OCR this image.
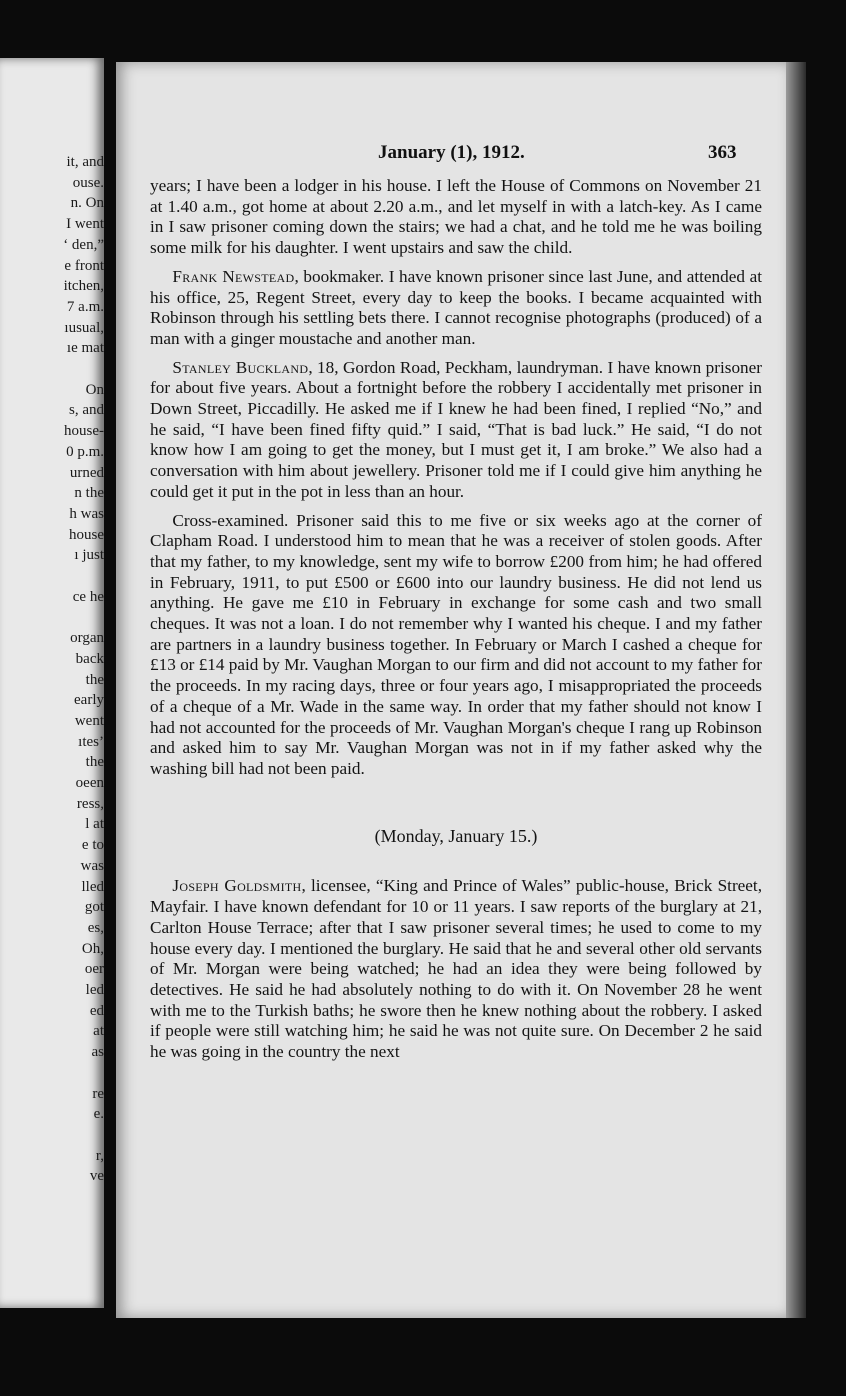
it, and
ouse.
n. On
I went
‘ den,”
e front
itchen,
7 a.m.
ıusual,
ıe mat
On
s, and
house-
0 p.m.
urned
n the
h was
house
ı just
ce he
organ
back
the
early
went
ıtes’
the
oeen
ress,
l at
e to
was
lled
got
es,
Oh,
oer
led
ed
at
as
re
e.
r,
ve
January (1), 1912.	363

years; I have been a lodger in his house. I left the House of Commons on November 21 at 1.40 a.m., got home at about 2.20 a.m., and let myself in with a latch-key. As I came in I saw prisoner coming down the stairs; we had a chat, and he told me he was boiling some milk for his daughter. I went upstairs and saw the child.

Frank Newstead, bookmaker. I have known prisoner since last June, and attended at his office, 25, Regent Street, every day to keep the books. I became acquainted with Robinson through his settling bets there. I cannot recognise photographs (produced) of a man with a ginger moustache and another man.

Stanley Buckland, 18, Gordon Road, Peckham, laundryman. I have known prisoner for about five years. About a fortnight before the robbery I accidentally met prisoner in Down Street, Piccadilly. He asked me if I knew he had been fined, I replied “No,” and he said, “I have been fined fifty quid.” I said, “That is bad luck.” He said, “I do not know how I am going to get the money, but I must get it, I am broke.” We also had a conversation with him about jewellery. Prisoner told me if I could give him anything he could get it put in the pot in less than an hour.

Cross-examined. Prisoner said this to me five or six weeks ago at the corner of Clapham Road. I understood him to mean that he was a receiver of stolen goods. After that my father, to my knowledge, sent my wife to borrow £200 from him; he had offered in February, 1911, to put £500 or £600 into our laundry business. He did not lend us anything. He gave me £10 in February in exchange for some cash and two small cheques. It was not a loan. I do not remember why I wanted his cheque. I and my father are partners in a laundry business together. In February or March I cashed a cheque for £13 or £14 paid by Mr. Vaughan Morgan to our firm and did not account to my father for the proceeds. In my racing days, three or four years ago, I misappropriated the proceeds of a cheque of a Mr. Wade in the same way. In order that my father should not know I had not accounted for the proceeds of Mr. Vaughan Morgan's cheque I rang up Robinson and asked him to say Mr. Vaughan Morgan was not in if my father asked why the washing bill had not been paid.

(Monday, January 15.)

Joseph Goldsmith, licensee, “King and Prince of Wales” public-house, Brick Street, Mayfair. I have known defendant for 10 or 11 years. I saw reports of the burglary at 21, Carlton House Terrace; after that I saw prisoner several times; he used to come to my house every day. I mentioned the burglary. He said that he and several other old servants of Mr. Morgan were being watched; he had an idea they were being followed by detectives. He said he had absolutely nothing to do with it. On November 28 he went with me to the Turkish baths; he swore then he knew nothing about the robbery. I asked if people were still watching him; he said he was not quite sure. On December 2 he said he was going in the country the next
